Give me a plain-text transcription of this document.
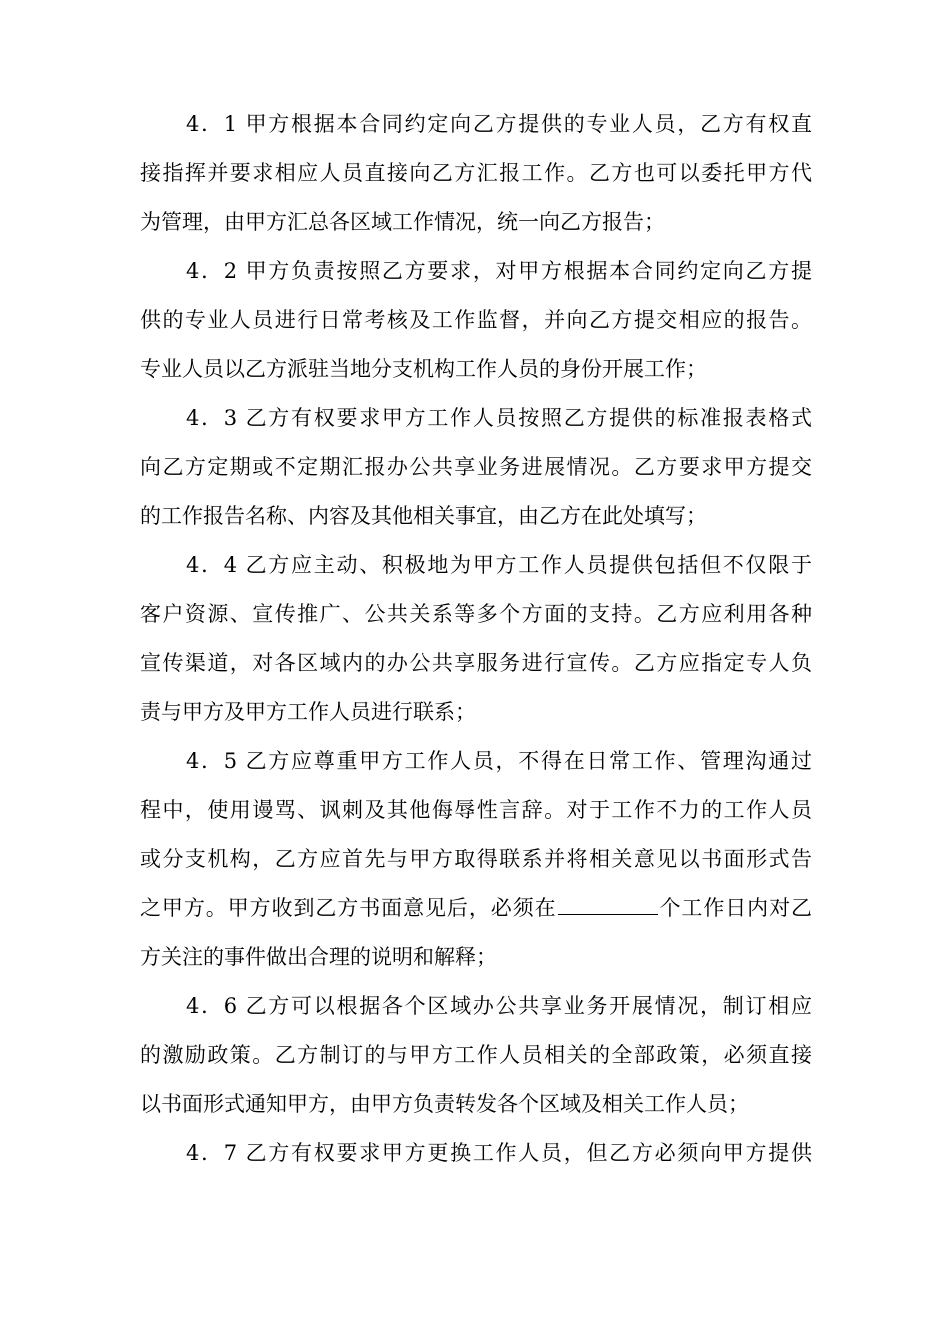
4．1 甲方根据本合同约定向乙方提供的专业人员，乙方有权直
接指挥并要求相应人员直接向乙方汇报工作。乙方也可以委托甲方代
为管理，由甲方汇总各区域工作情况，统一向乙方报告；
4．2 甲方负责按照乙方要求，对甲方根据本合同约定向乙方提
供的专业人员进行日常考核及工作监督，并向乙方提交相应的报告。
专业人员以乙方派驻当地分支机构工作人员的身份开展工作；
4．3 乙方有权要求甲方工作人员按照乙方提供的标准报表格式
向乙方定期或不定期汇报办公共享业务进展情况。乙方要求甲方提交
的工作报告名称、内容及其他相关事宜，由乙方在此处填写；
4．4 乙方应主动、积极地为甲方工作人员提供包括但不仅限于
客户资源、宣传推广、公共关系等多个方面的支持。乙方应利用各种
宣传渠道，对各区域内的办公共享服务进行宣传。乙方应指定专人负
责与甲方及甲方工作人员进行联系；
4．5 乙方应尊重甲方工作人员，不得在日常工作、管理沟通过
程中，使用谩骂、讽刺及其他侮辱性言辞。对于工作不力的工作人员
或分支机构，乙方应首先与甲方取得联系并将相关意见以书面形式告
之甲方。甲方收到乙方书面意见后，必须在	个工作日内对乙
方关注的事件做出合理的说明和解释；
4．6 乙方可以根据各个区域办公共享业务开展情况，制订相应
的激励政策。乙方制订的与甲方工作人员相关的全部政策，必须直接
以书面形式通知甲方，由甲方负责转发各个区域及相关工作人员；
4．7 乙方有权要求甲方更换工作人员，但乙方必须向甲方提供
